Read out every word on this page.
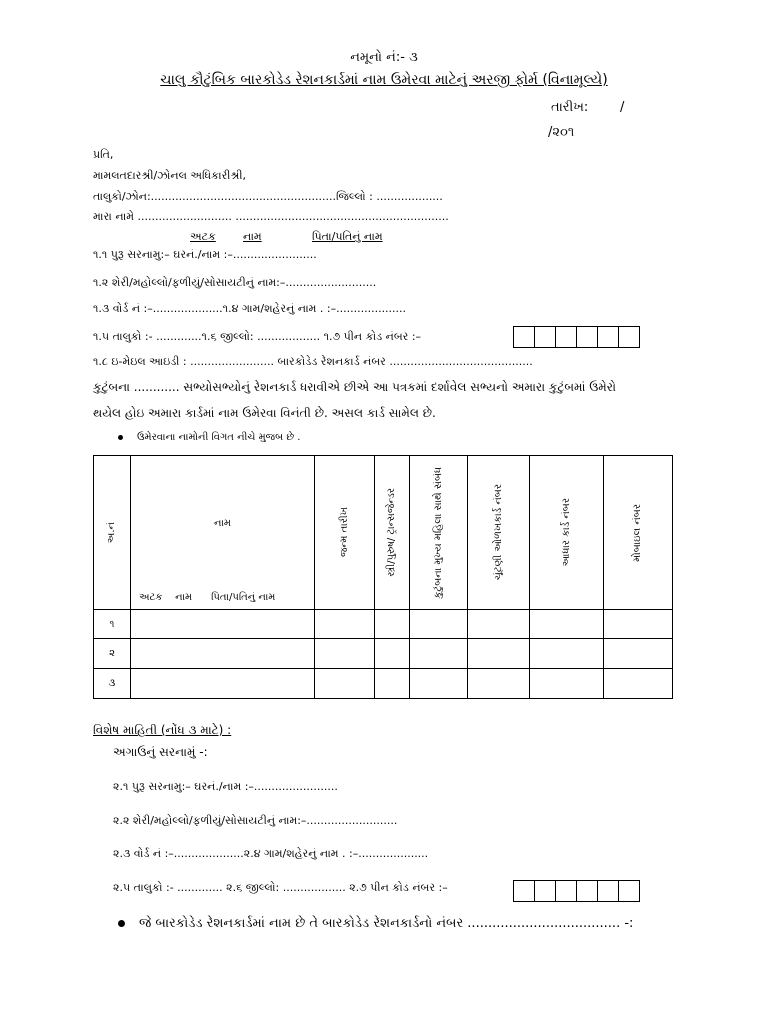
નમૂનો નં:- ૩
ચાલુ કૌટુંબિક બારકોડેડ રેશનકાર્ડમાં નામ ઉમેરવા માટેનું અરજી ફોર્મ (વિનામૂલ્યે)
તારીખ: /
/૨૦૧
પ્રતિ,
મામલતદારશ્રી/ઝોનલ અધિકારીશ્રી,
તાલુકો/ઝોન:.....................................................જિલ્લો : ...................
મારા નામે ........................... .............................................................
અટક નામ	પિતા/પતિનું નામ
૧.૧ પુરૂ સરનામુ:– ઘરનં./નામ :–........................
૧.૨ શેરી/મહોલ્લો/ફળીયું/સોસાયટીનું નામ:–..........................
૧.૩ વોર્ડ નં :–....................૧.૪ ગામ/શહેરનું નામ . :–....................
૧.૫ તાલુકો :- .............૧.૬ જીલ્લો: .................. ૧.૭ પીન કોડ નંબર :–
૧.૮ ઇ-મેઇલ આઇડી : ........................ બારકોડેડ રેશનકાર્ડ નંબર .........................................
કુટુંબના ............ સભ્યોસભ્યોનું રેશનકાર્ડ ધરાવીએ છીએ આ પત્રકમાં દર્શાવેલ સભ્યનો અમારા કુટુંબમાં ઉમેરો
થયેલ હોઇ અમારા કાર્ડમાં નામ ઉમેરવા વિનંતી છે. અસલ કાર્ડ સામેલ છે.
ઉમેરવાના નામોની વિગત નીચે મુજબ છે .
અ.નં	નામ
અટક    નામ      પિતા/પતિનું નામ	જન્મ તારીખ	સ્ત્રી/પુરુષ/ ટ્રાન્સજેન્ડર	કુટુંબના મુખ્ય મહિલા સાથે સંબંધ	ચૂંટણી ઓળખકાર્ડ નંબર	આધાર કાર્ડ નંબર	મોબાઇલ નંબર

૧							
૨							
૩							
વિશેષ માહિતી (નોંધ ૩ માટે) :
અગાઉનું સરનામું -:
૨.૧ પુરૂ સરનામુ:– ઘરનં./નામ :–........................
૨.૨ શેરી/મહોલ્લો/ફળીયું/સોસાયટીનું નામ:–..........................
૨.૩ વોર્ડ નં :–....................૨.૪ ગામ/શહેરનું નામ . :–....................
૨.૫ તાલુકો :- ............. ૨.૬ જીલ્લો: .................. ૨.૭ પીન કોડ નંબર :–
જે બારકોડેડ રેશનકાર્ડમાં નામ છે તે બારકોડેડ રેશનકાર્ડનો નંબર ..................................... -:
